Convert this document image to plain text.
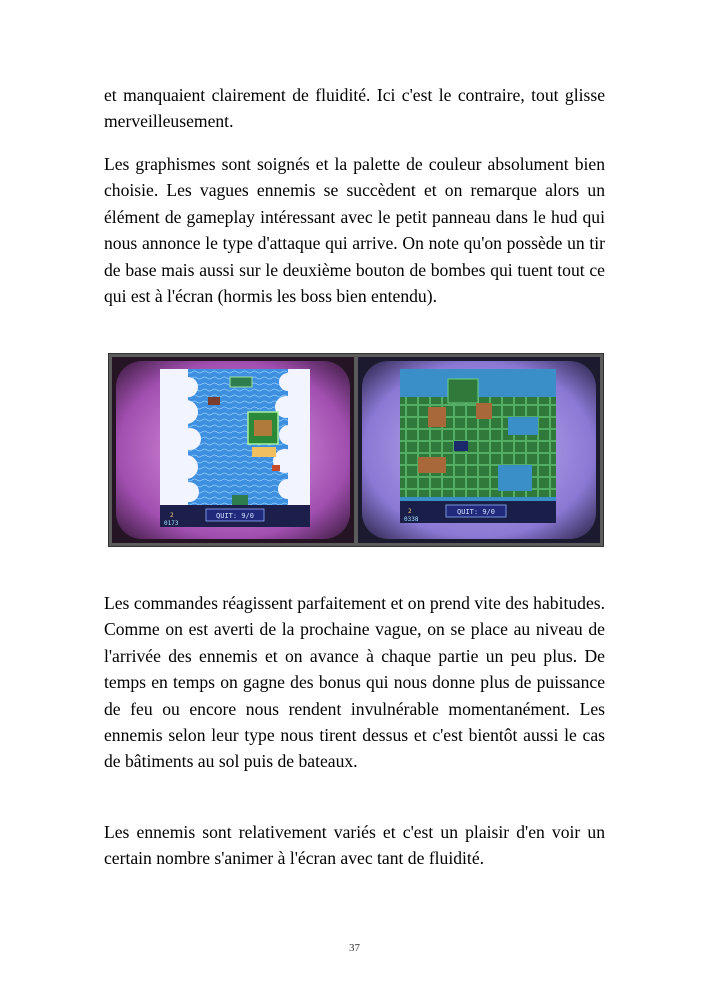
et manquaient clairement de fluidité. Ici c'est le contraire, tout glisse merveilleusement.

Les graphismes sont soignés et la palette de couleur absolument bien choisie. Les vagues ennemis se succèdent et on remarque alors un élément de gameplay intéressant avec le petit panneau dans le hud qui nous annonce le type d'attaque qui arrive. On note qu'on possède un tir de base mais aussi sur le deuxième bouton de bombes qui tuent tout ce qui est à l'écran (hormis les boss bien entendu).

QUIT: 9/0
2
0173
QUIT: 9/0
2
0338

Les commandes réagissent parfaitement et on prend vite des habitudes. Comme on est averti de la prochaine vague, on se place au niveau de l'arrivée des ennemis et on avance à chaque partie un peu plus. De temps en temps on gagne des bonus qui nous donne plus de puissance de feu ou encore nous rendent invulnérable momentanément. Les ennemis selon leur type nous tirent dessus et c'est bientôt aussi le cas de bâtiments au sol puis de bateaux.

Les ennemis sont relativement variés et c'est un plaisir d'en voir un certain nombre s'animer à l'écran avec tant de fluidité.

37
